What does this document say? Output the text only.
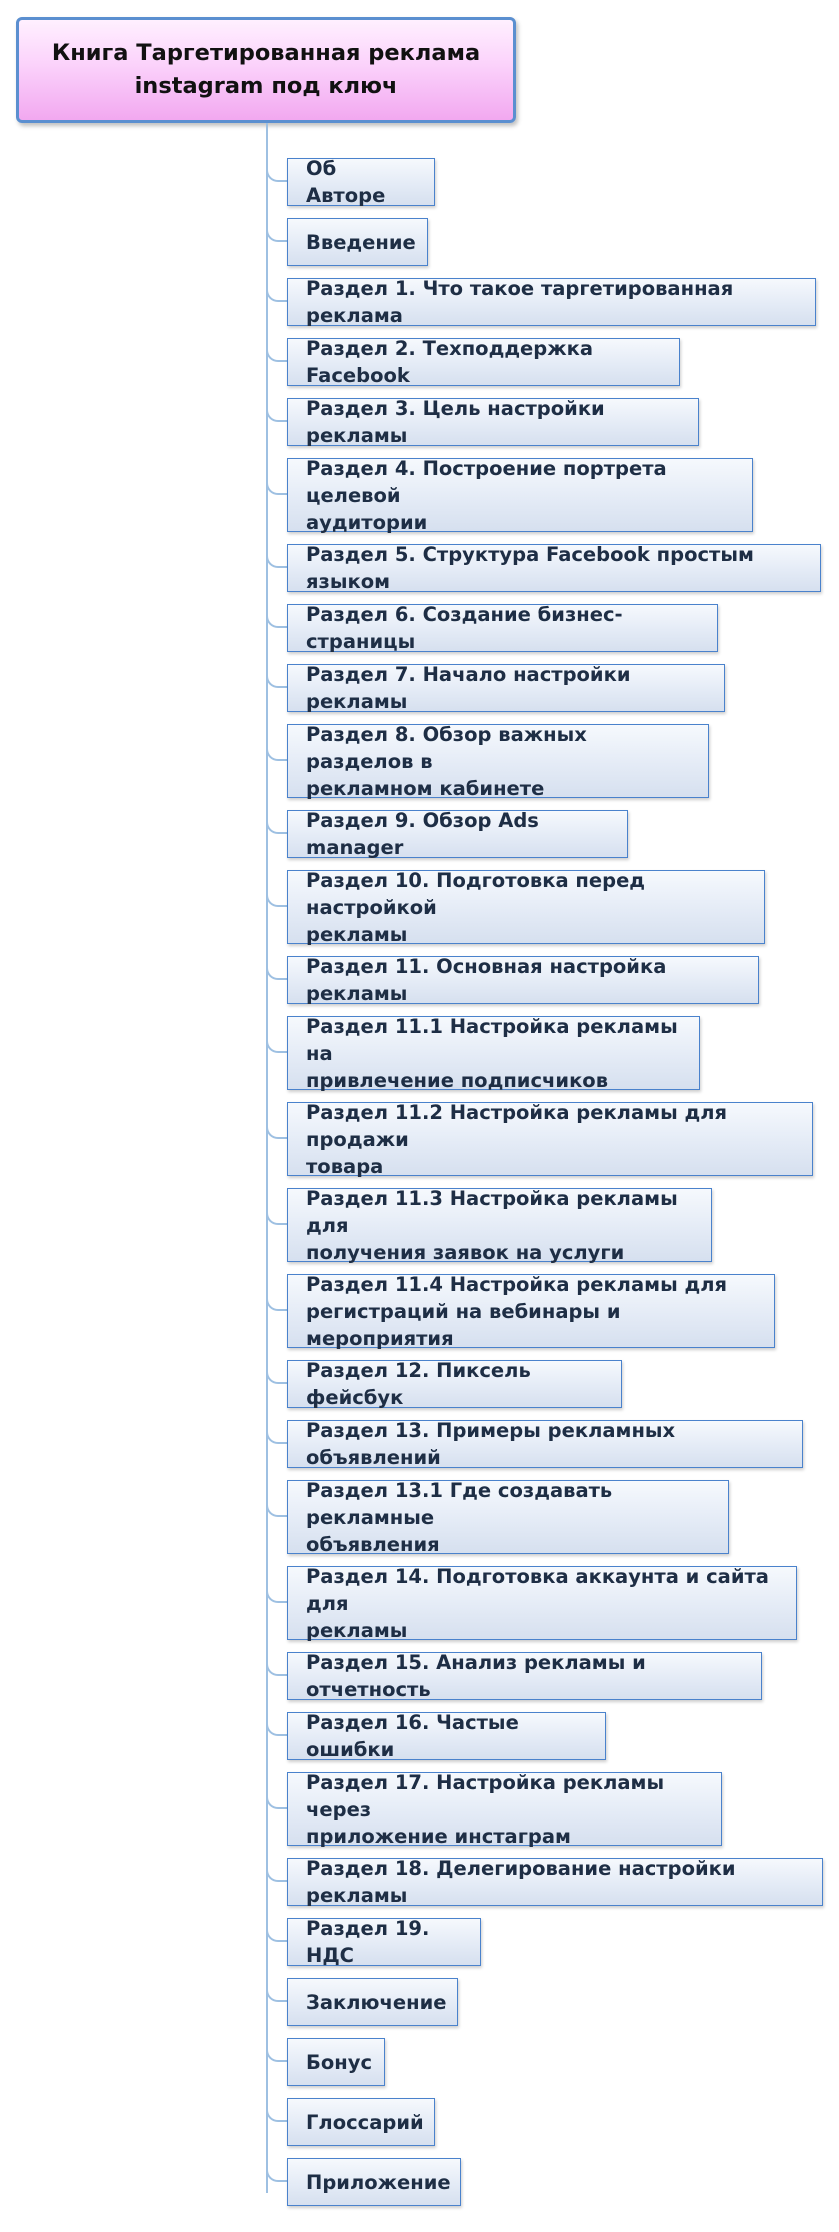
Книга Таргетированная реклама instagram под ключ
Об Авторе
Введение
Раздел 1. Что такое таргетированная реклама
Раздел 2. Техподдержка Facebook
Раздел 3. Цель настройки рекламы
Раздел 4. Построение портрета целевой
аудитории
Раздел 5. Структура Facebook простым языком
Раздел 6. Создание бизнес-страницы
Раздел 7. Начало настройки рекламы
Раздел 8. Обзор важных разделов в
рекламном кабинете
Раздел 9. Обзор Ads manager
Раздел 10. Подготовка перед настройкой
рекламы
Раздел 11. Основная настройка рекламы
Раздел 11.1 Настройка рекламы на
привлечение подписчиков
Раздел 11.2 Настройка рекламы для продажи
товара
Раздел 11.3 Настройка рекламы для
получения заявок на услуги
Раздел 11.4 Настройка рекламы для
регистраций на вебинары и мероприятия
Раздел 12. Пиксель фейсбук
Раздел 13. Примеры рекламных объявлений
Раздел 13.1 Где создавать рекламные
объявления
Раздел 14. Подготовка аккаунта и сайта для
рекламы
Раздел 15. Анализ рекламы и отчетность
Раздел 16. Частые ошибки
Раздел 17. Настройка рекламы через
приложение инстаграм
Раздел 18. Делегирование настройки рекламы
Раздел 19. НДС
Заключение
Бонус
Глоссарий
Приложение
